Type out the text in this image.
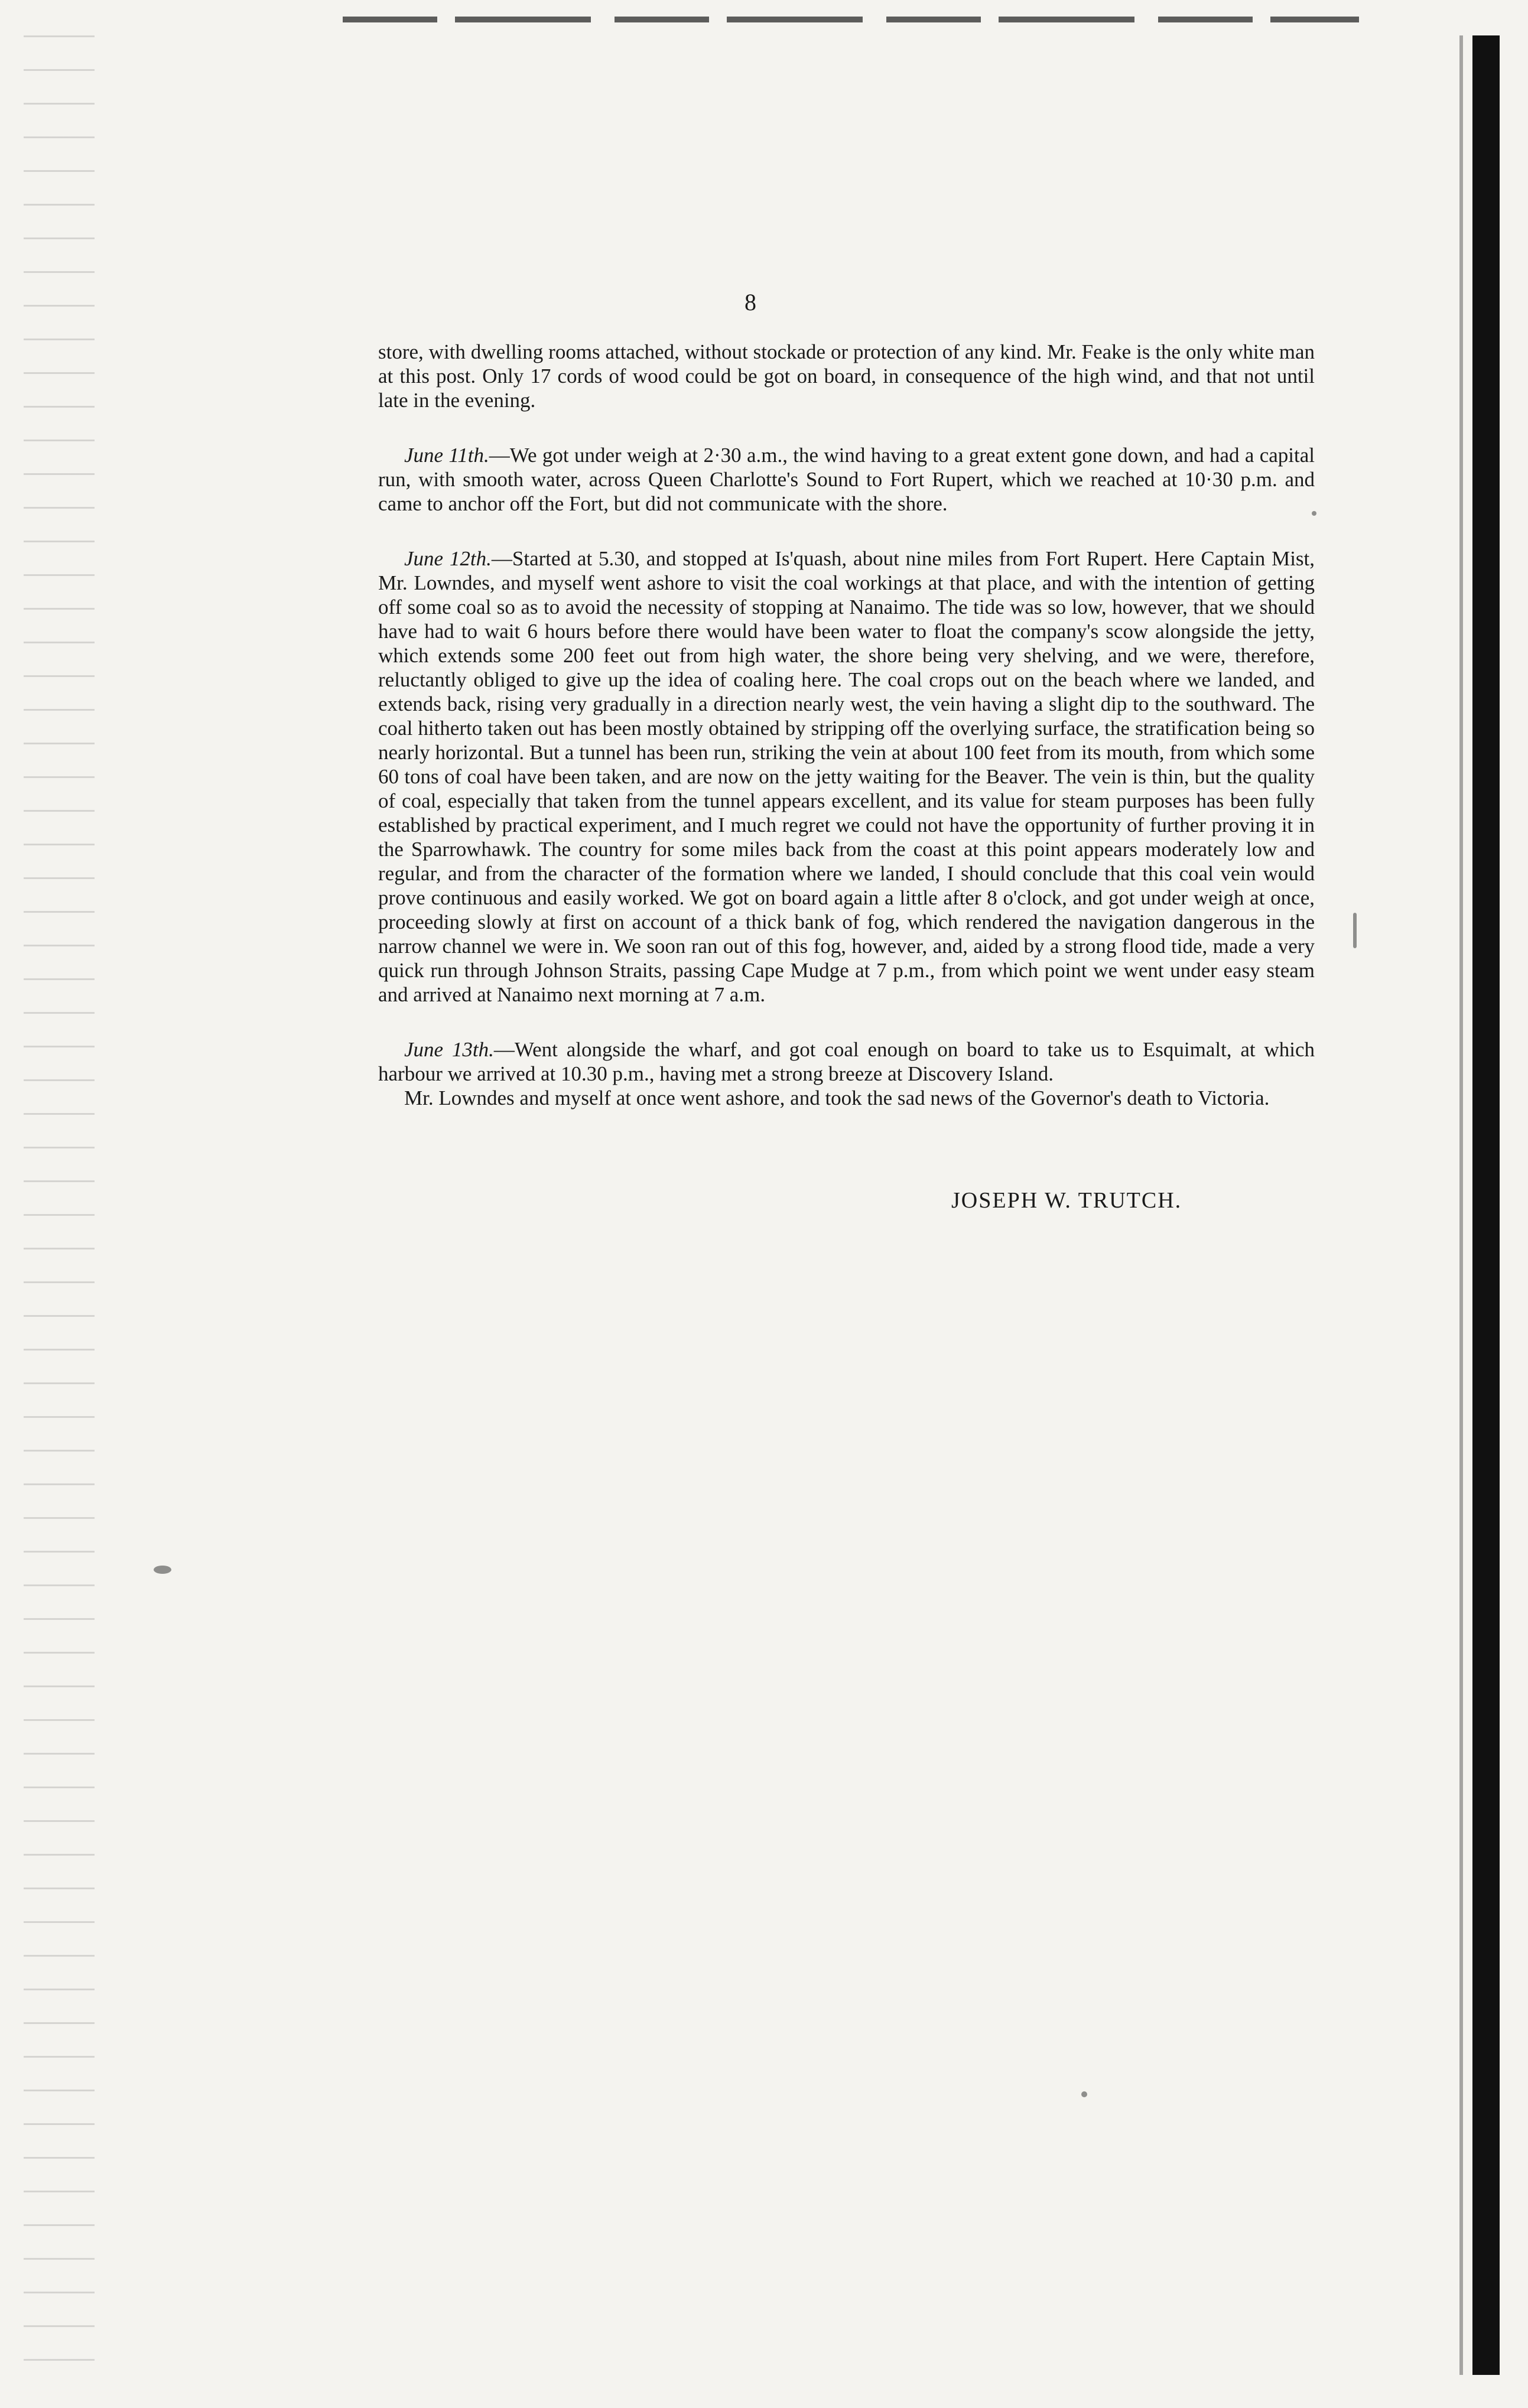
8

store, with dwelling rooms attached, without stockade or protection of any kind. Mr. Feake is the only white man at this post. Only 17 cords of wood could be got on board, in consequence of the high wind, and that not until late in the evening.

June 11th.—We got under weigh at 2·30 a.m., the wind having to a great extent gone down, and had a capital run, with smooth water, across Queen Charlotte's Sound to Fort Rupert, which we reached at 10·30 p.m. and came to anchor off the Fort, but did not communicate with the shore.

June 12th.—Started at 5.30, and stopped at Is'quash, about nine miles from Fort Rupert. Here Captain Mist, Mr. Lowndes, and myself went ashore to visit the coal workings at that place, and with the intention of getting off some coal so as to avoid the necessity of stopping at Nanaimo. The tide was so low, however, that we should have had to wait 6 hours before there would have been water to float the company's scow alongside the jetty, which extends some 200 feet out from high water, the shore being very shelving, and we were, therefore, reluctantly obliged to give up the idea of coaling here. The coal crops out on the beach where we landed, and extends back, rising very gradually in a direction nearly west, the vein having a slight dip to the southward. The coal hitherto taken out has been mostly obtained by stripping off the overlying surface, the stratification being so nearly horizontal. But a tunnel has been run, striking the vein at about 100 feet from its mouth, from which some 60 tons of coal have been taken, and are now on the jetty waiting for the Beaver. The vein is thin, but the quality of coal, especially that taken from the tunnel appears excellent, and its value for steam purposes has been fully established by practical experiment, and I much regret we could not have the opportunity of further proving it in the Sparrowhawk. The country for some miles back from the coast at this point appears moderately low and regular, and from the character of the formation where we landed, I should conclude that this coal vein would prove continuous and easily worked. We got on board again a little after 8 o'clock, and got under weigh at once, proceeding slowly at first on account of a thick bank of fog, which rendered the navigation dangerous in the narrow channel we were in. We soon ran out of this fog, however, and, aided by a strong flood tide, made a very quick run through Johnson Straits, passing Cape Mudge at 7 p.m., from which point we went under easy steam and arrived at Nanaimo next morning at 7 a.m.

June 13th.—Went alongside the wharf, and got coal enough on board to take us to Esquimalt, at which harbour we arrived at 10.30 p.m., having met a strong breeze at Discovery Island.

Mr. Lowndes and myself at once went ashore, and took the sad news of the Governor's death to Victoria.

JOSEPH W. TRUTCH.
